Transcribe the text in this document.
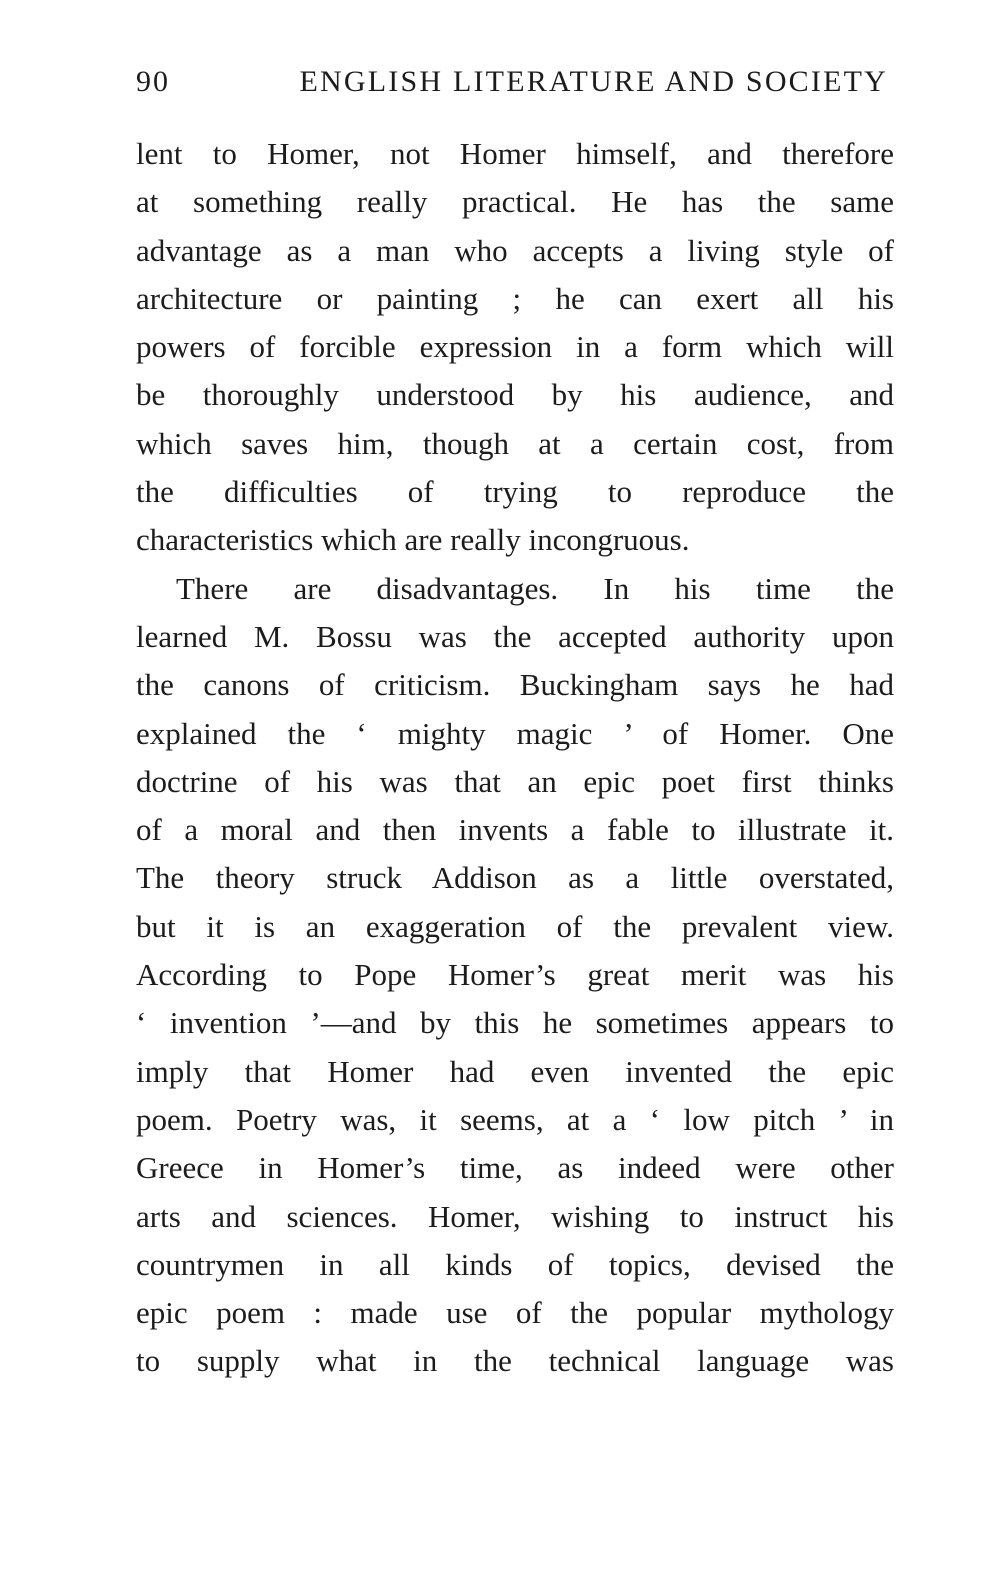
90	ENGLISH LITERATURE AND SOCIETY
lent to Homer, not Homer himself, and therefore
at something really practical. He has the same
advantage as a man who accepts a living style of
architecture or painting ; he can exert all his
powers of forcible expression in a form which will
be thoroughly understood by his audience, and
which saves him, though at a certain cost, from
the difficulties of trying to reproduce the
characteristics which are really incongruous.
There are disadvantages. In his time the
learned M. Bossu was the accepted authority upon
the canons of criticism. Buckingham says he had
explained the ‘ mighty magic ’ of Homer. One
doctrine of his was that an epic poet first thinks
of a moral and then invents a fable to illustrate it.
The theory struck Addison as a little overstated,
but it is an exaggeration of the prevalent view.
According to Pope Homer’s great merit was his
‘ invention ’—and by this he sometimes appears to
imply that Homer had even invented the epic
poem. Poetry was, it seems, at a ‘ low pitch ’ in
Greece in Homer’s time, as indeed were other
arts and sciences. Homer, wishing to instruct his
countrymen in all kinds of topics, devised the
epic poem : made use of the popular mythology
to supply what in the technical language was
